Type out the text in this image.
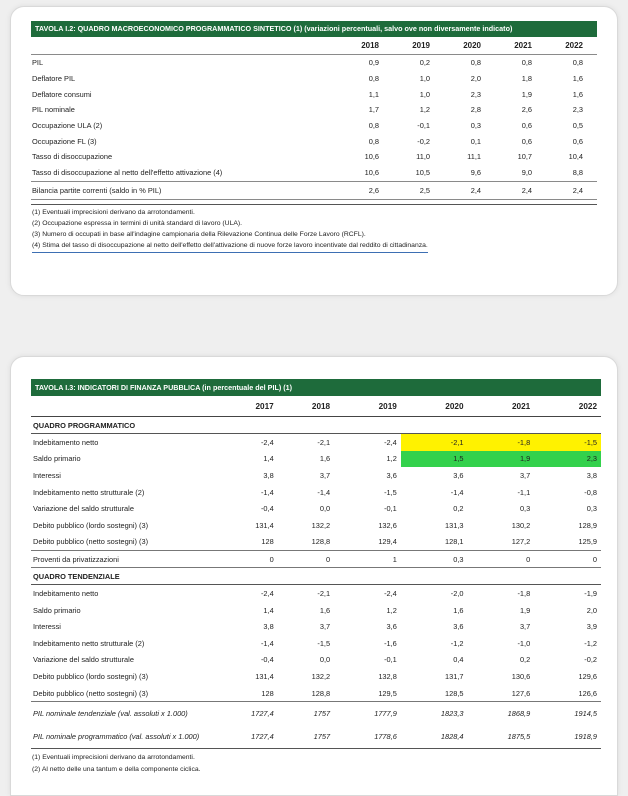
TAVOLA I.2: QUADRO MACROECONOMICO PROGRAMMATICO SINTETICO (1) (variazioni percentuali, salvo ove non diversamente indicato)
	2018	2019	2020	2021	2022
PIL	0,9	0,2	0,8	0,8	0,8
Deflatore PIL	0,8	1,0	2,0	1,8	1,6
Deflatore consumi	1,1	1,0	2,3	1,9	1,6
PIL nominale	1,7	1,2	2,8	2,6	2,3
Occupazione ULA (2)	0,8	-0,1	0,3	0,6	0,5
Occupazione FL (3)	0,8	-0,2	0,1	0,6	0,6
Tasso di disoccupazione	10,6	11,0	11,1	10,7	10,4
Tasso di disoccupazione al netto dell'effetto attivazione (4)	10,6	10,5	9,6	9,0	8,8
Bilancia partite correnti (saldo in % PIL)	2,6	2,5	2,4	2,4	2,4
(1) Eventuali imprecisioni derivano da arrotondamenti.
(2) Occupazione espressa in termini di unità standard di lavoro (ULA).
(3) Numero di occupati in base all'indagine campionaria della Rilevazione Continua delle Forze Lavoro (RCFL).
(4) Stima del tasso di disoccupazione al netto dell'effetto dell'attivazione di nuove forze lavoro incentivate dal reddito di cittadinanza.
TAVOLA I.3: INDICATORI DI FINANZA PUBBLICA (in percentuale del PIL) (1)
	2017	2018	2019	2020	2021	2022
QUADRO PROGRAMMATICO						
Indebitamento netto	-2,4	-2,1	-2,4	-2,1	-1,8	-1,5
Saldo primario	1,4	1,6	1,2	1,5	1,9	2,3
Interessi	3,8	3,7	3,6	3,6	3,7	3,8
Indebitamento netto strutturale (2)	-1,4	-1,4	-1,5	-1,4	-1,1	-0,8
Variazione del saldo strutturale	-0,4	0,0	-0,1	0,2	0,3	0,3
Debito pubblico (lordo sostegni) (3)	131,4	132,2	132,6	131,3	130,2	128,9
Debito pubblico (netto sostegni) (3)	128	128,8	129,4	128,1	127,2	125,9
Proventi da privatizzazioni	0	0	1	0,3	0	0
QUADRO TENDENZIALE						
Indebitamento netto	-2,4	-2,1	-2,4	-2,0	-1,8	-1,9
Saldo primario	1,4	1,6	1,2	1,6	1,9	2,0
Interessi	3,8	3,7	3,6	3,6	3,7	3,9
Indebitamento netto strutturale (2)	-1,4	-1,5	-1,6	-1,2	-1,0	-1,2
Variazione del saldo strutturale	-0,4	0,0	-0,1	0,4	0,2	-0,2
Debito pubblico (lordo sostegni) (3)	131,4	132,2	132,8	131,7	130,6	129,6
Debito pubblico (netto sostegni) (3)	128	128,8	129,5	128,5	127,6	126,6
PIL nominale tendenziale (val. assoluti x 1.000)	1727,4	1757	1777,9	1823,3	1868,9	1914,5
PIL nominale programmatico (val. assoluti x 1.000)	1727,4	1757	1778,6	1828,4	1875,5	1918,9
(1) Eventuali imprecisioni derivano da arrotondamenti.
(2) Al netto delle una tantum e della componente ciclica.
